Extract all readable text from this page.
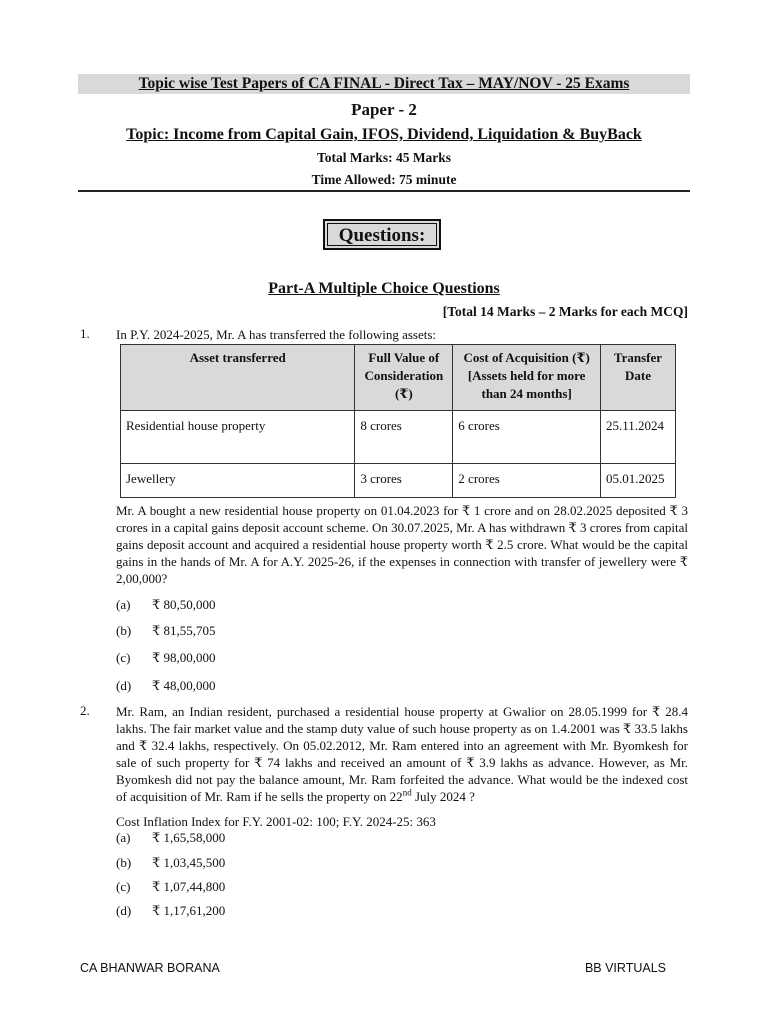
Topic wise Test Papers of CA FINAL - Direct Tax – MAY/NOV - 25 Exams
Paper - 2
Topic: Income from Capital Gain, IFOS, Dividend, Liquidation & BuyBack
Total Marks: 45 Marks
Time Allowed: 75 minute
Questions:
Part-A Multiple Choice Questions
[Total 14 Marks – 2 Marks for each MCQ]
1. In P.Y. 2024-2025, Mr. A has transferred the following assets:
Asset transferred	Full Value of Consideration (₹)	Cost of Acquisition (₹) [Assets held for more than 24 months]	Transfer Date
Residential house property	8 crores	6 crores	25.11.2024
Jewellery	3 crores	2 crores	05.01.2025
Mr. A bought a new residential house property on 01.04.2023 for ₹ 1 crore and on 28.02.2025 deposited ₹ 3 crores in a capital gains deposit account scheme. On 30.07.2025, Mr. A has withdrawn ₹ 3 crores from capital gains deposit account and acquired a residential house property worth ₹ 2.5 crore. What would be the capital gains in the hands of Mr. A for A.Y. 2025-26, if the expenses in connection with transfer of jewellery were ₹ 2,00,000?
(a) ₹ 80,50,000
(b) ₹ 81,55,705
(c) ₹ 98,00,000
(d) ₹ 48,00,000
2. Mr. Ram, an Indian resident, purchased a residential house property at Gwalior on 28.05.1999 for ₹ 28.4 lakhs. The fair market value and the stamp duty value of such house property as on 1.4.2001 was ₹ 33.5 lakhs and ₹ 32.4 lakhs, respectively. On 05.02.2012, Mr. Ram entered into an agreement with Mr. Byomkesh for sale of such property for ₹ 74 lakhs and received an amount of ₹ 3.9 lakhs as advance. However, as Mr. Byomkesh did not pay the balance amount, Mr. Ram forfeited the advance. What would be the indexed cost of acquisition of Mr. Ram if he sells the property on 22nd July 2024 ?
Cost Inflation Index for F.Y. 2001-02: 100; F.Y. 2024-25: 363
(a) ₹ 1,65,58,000
(b) ₹ 1,03,45,500
(c) ₹ 1,07,44,800
(d) ₹ 1,17,61,200
CA BHANWAR BORANA	BB VIRTUALS
